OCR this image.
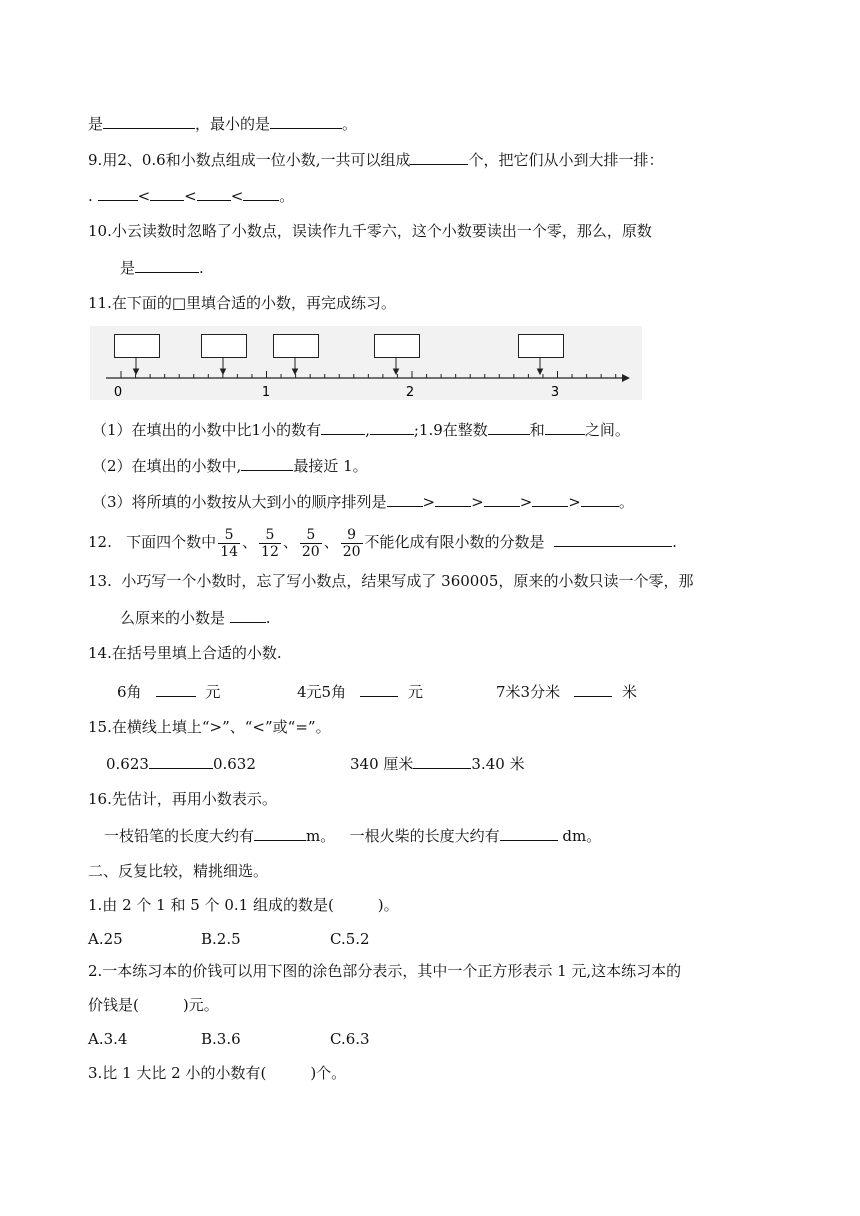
是	，最小的是	。
9.用2、0.6和小数点组成一位小数,一共可以组成	个，把它们从小到大排一排：
.	< < < 。
10.小云读数时忽略了小数点，误读作九千零六，这个小数要读出一个零，那么，原数
是	.
11.在下面的□里填合适的小数，再完成练习。
0	1	2	3
（1）在填出的小数中比1小的数有	,	;1.9在整数	和	之间。
（2）在填出的小数中,	最接近 1。
（3）将所填的小数按从大到小的顺序排列是 > > > >	。
12. 下面四个数中 $\frac{5}{14}$ 、 $\frac{5}{12}$ 、 $\frac{5}{20}$ 、 $\frac{9}{20}$ 不能化成有限小数的分数是	.
13. 小巧写一个小数时，忘了写小数点，结果写成了 360005，原来的小数只读一个零，那
么原来的小数是	.
14.在括号里填上合适的小数.
6角	元	4元5角	元	7米3分米	米
15.在横线上填上“>”、“<”或“=”。
0.623	0.632	340 厘米	3.40 米
16.先估计，再用小数表示。
一枝铅笔的长度大约有	m。 一根火柴的长度大约有	dm。
二、反复比较，精挑细选。
1.由 2 个 1 和 5 个 0.1 组成的数是(	)。
A.25	B.2.5	C.5.2
2.一本练习本的价钱可以用下图的涂色部分表示，其中一个正方形表示 1 元,这本练习本的
价钱是(	)元。
A.3.4	B.3.6	C.6.3
3.比 1 大比 2 小的小数有(	)个。
